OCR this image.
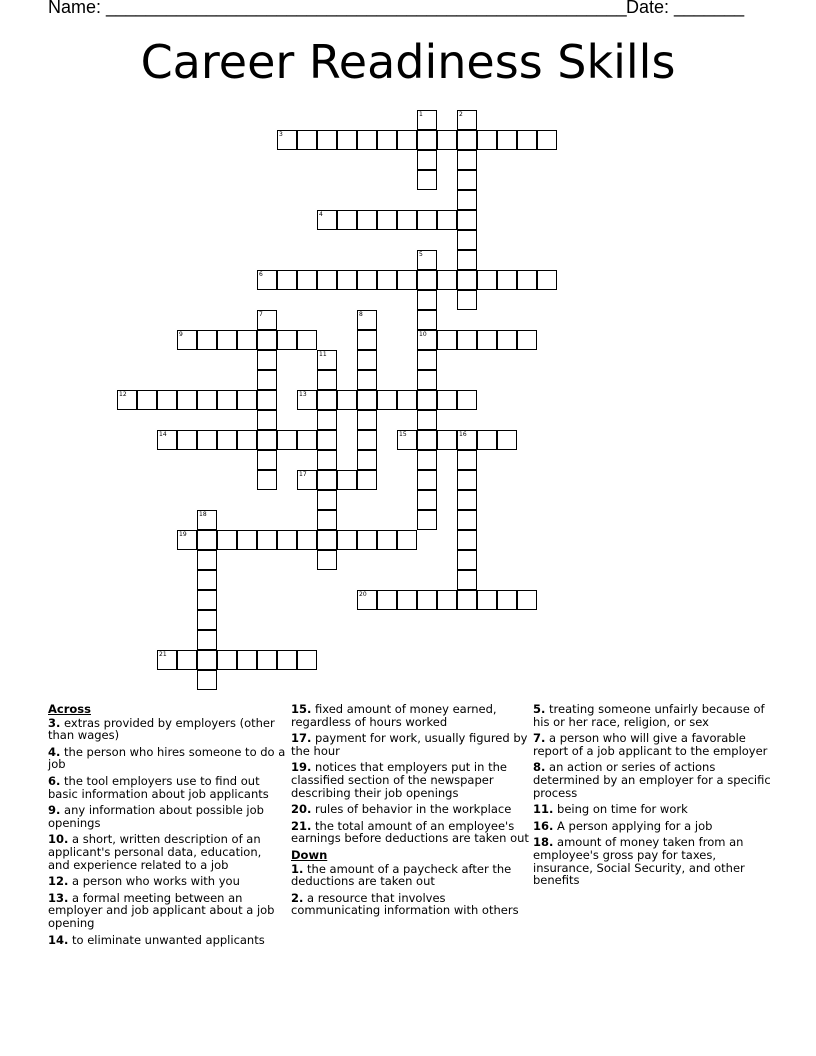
Name: ____________________________________________________ Date: _______
Career Readiness Skills
1	2
3
4
5
10
6
7	8
9
11
12	13
14	15	16
17
18
19
20
21

Across

3. extras provided by employers (other than wages)

4. the person who hires someone to do a job

6. the tool employers use to find out basic information about job applicants

9. any information about possible job openings

10. a short, written description of an applicant's personal data, education, and experience related to a job

12. a person who works with you

13. a formal meeting between an employer and job applicant about a job opening

14. to eliminate unwanted applicants

15. fixed amount of money earned, regardless of hours worked

17. payment for work, usually figured by the hour

19. notices that employers put in the classified section of the newspaper describing their job openings

20. rules of behavior in the workplace

21. the total amount of an employee's earnings before deductions are taken out

Down

1. the amount of a paycheck after the deductions are taken out

2. a resource that involves communicating information with others

5. treating someone unfairly because of his or her race, religion, or sex

7. a person who will give a favorable report of a job applicant to the employer

8. an action or series of actions determined by an employer for a specific process

11. being on time for work

16. A person applying for a job

18. amount of money taken from an employee's gross pay for taxes, insurance, Social Security, and other benefits
